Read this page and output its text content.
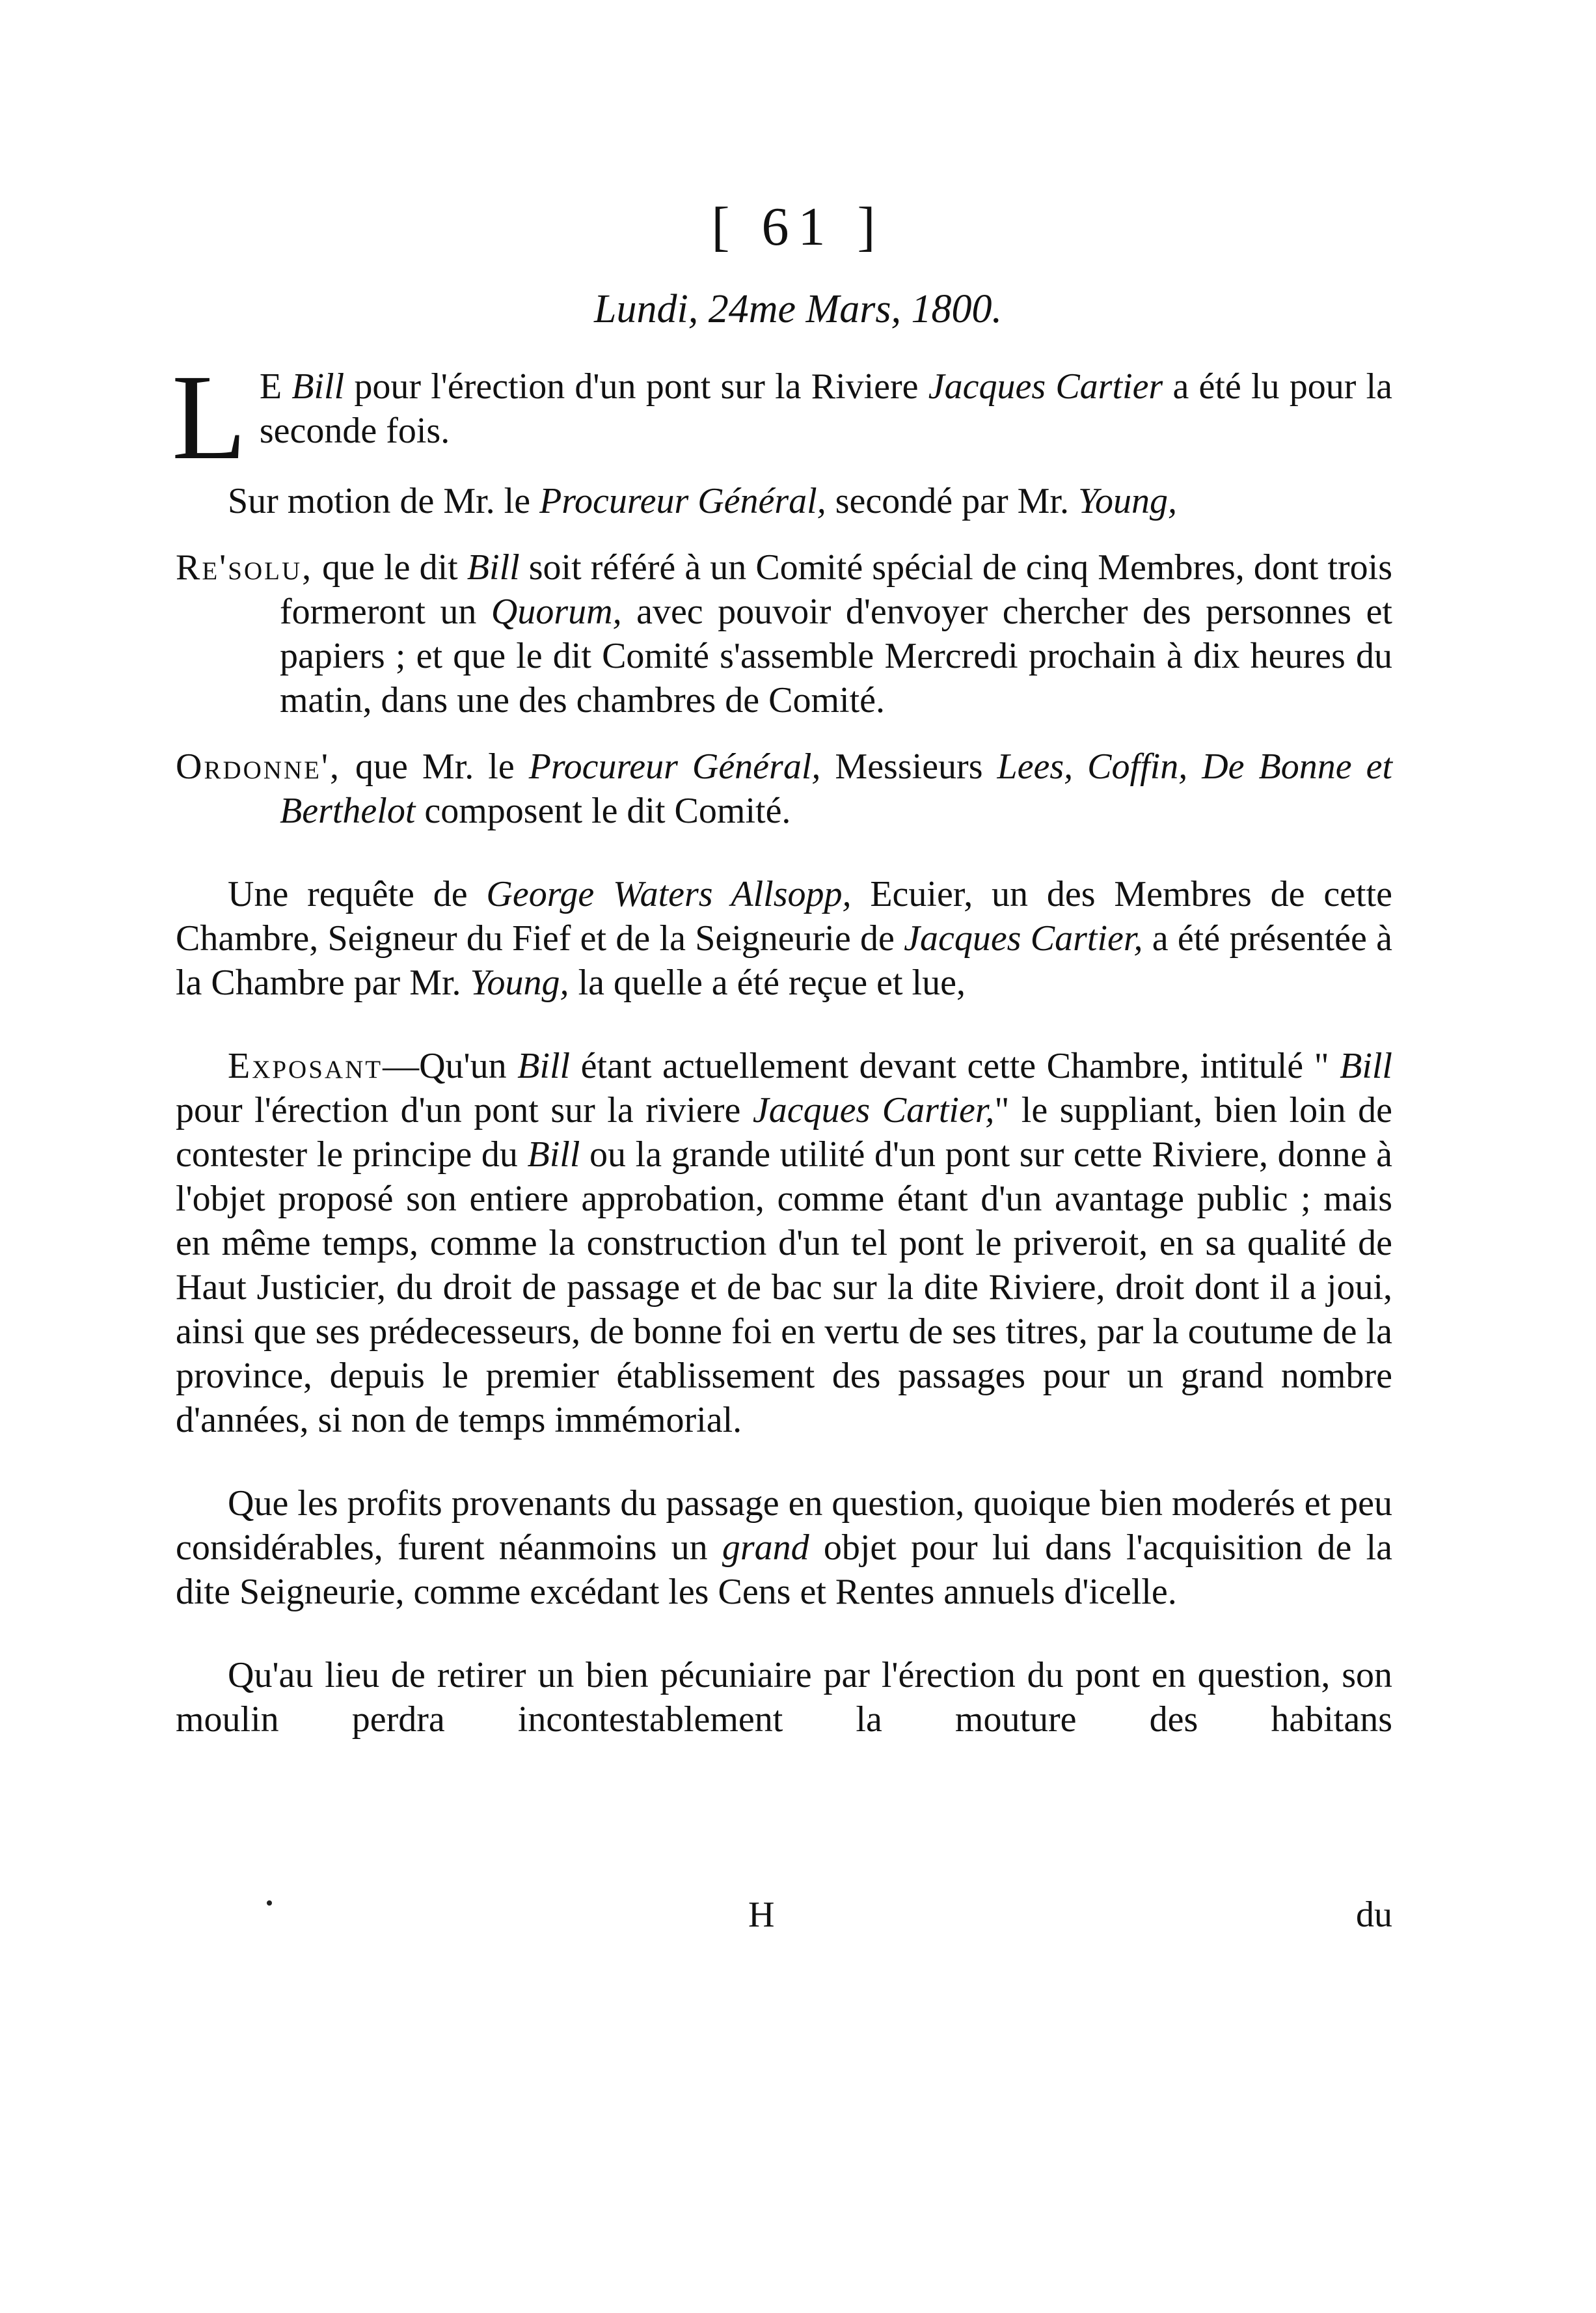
[ 61 ]
Lundi, 24me Mars, 1800.

L E Bill pour l'érection d'un pont sur la Riviere Jacques Cartier a été lu pour la seconde fois.

Sur motion de Mr. le Procureur Général, secondé par Mr. Young,

Re'solu, que le dit Bill soit référé à un Comité spécial de cinq Membres, dont trois formeront un Quorum, avec pouvoir d'envoyer chercher des personnes et papiers ; et que le dit Comité s'assemble Mercredi prochain à dix heures du matin, dans une des chambres de Comité.

Ordonne', que Mr. le Procureur Général, Messieurs Lees, Coffin, De Bonne et Berthelot composent le dit Comité.

Une requête de George Waters Allsopp, Ecuier, un des Membres de cette Chambre, Seigneur du Fief et de la Seigneurie de Jacques Cartier, a été présentée à la Chambre par Mr. Young, la quelle a été reçue et lue,

Exposant—Qu'un Bill étant actuellement devant cette Chambre, intitulé " Bill pour l'érection d'un pont sur la riviere Jacques Cartier," le suppliant, bien loin de contester le principe du Bill ou la grande utilité d'un pont sur cette Riviere, donne à l'objet proposé son entiere approbation, comme étant d'un avantage public ; mais en même temps, comme la construction d'un tel pont le priveroit, en sa qualité de Haut Justicier, du droit de passage et de bac sur la dite Riviere, droit dont il a joui, ainsi que ses prédecesseurs, de bonne foi en vertu de ses titres, par la coutume de la province, depuis le premier établissement des passages pour un grand nombre d'années, si non de temps immémorial.

Que les profits provenants du passage en question, quoique bien moderés et peu considérables, furent néanmoins un grand objet pour lui dans l'acquisition de la dite Seigneurie, comme excédant les Cens et Rentes annuels d'icelle.

Qu'au lieu de retirer un bien pécuniaire par l'érection du pont en question, son moulin perdra incontestablement la mouture des habitans

H	du
